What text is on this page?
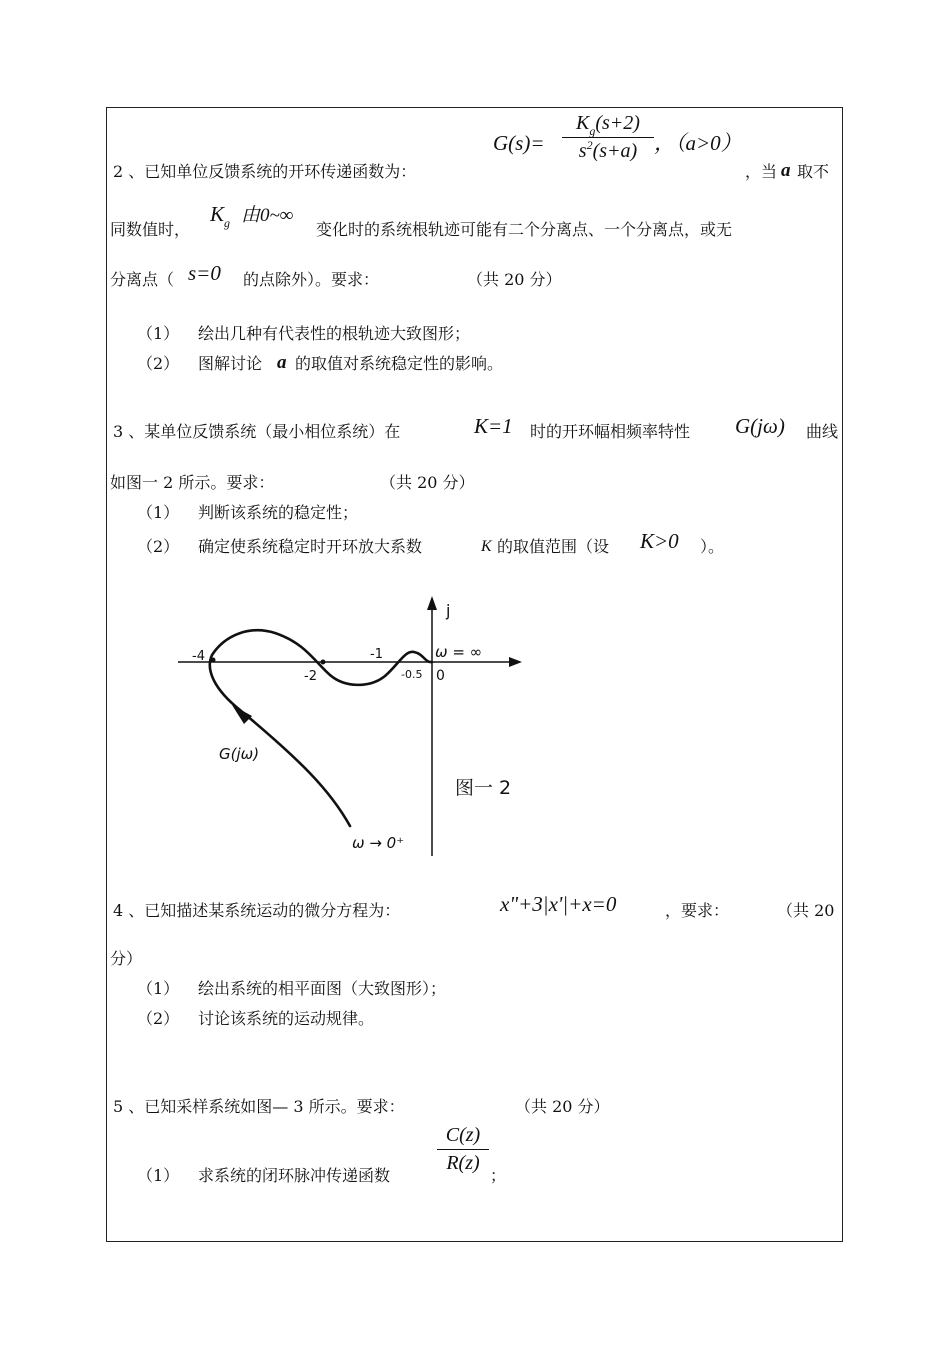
$K_g(s+2)$
$s^2(s+a)$
G(s)=	，（a>0）
2 、已知单位反馈系统的开环传递函数为：	，当 a 取不
同数值时，
$K_g$ 由0~∞
变化时的系统根轨迹可能有二个分离点、一个分离点，或无
分离点（ s=0 的点除外）。要求：	（共 20 分）
（1） 绘出几种有代表性的根轨迹大致图形；
（2） 图解讨论 a 的取值对系统稳定性的影响。
3 、某单位反馈系统（最小相位系统）在	K=1 时的开环幅相频率特性 G(jω) 曲线
如图一 2 所示。要求：	（共 20 分）
（1） 判断该系统的稳定性；
（2） 确定使系统稳定时开环放大系数	K 的取值范围（设 K>0 ）。
j
-4	-1
-2	-0.5 0
ω = ∞
G(jω)
ω → 0⁺
图一 2
4 、已知描述某系统运动的微分方程为：	x"+3|x'|+x=0	，要求：	（共 20
分）
（1） 绘出系统的相平面图（大致图形）；
（2） 讨论该系统的运动规律。
5 、已知采样系统如图— 3 所示。要求：	（共 20 分）
（1） 求系统的闭环脉冲传递函数
C(z)
R(z)
；
